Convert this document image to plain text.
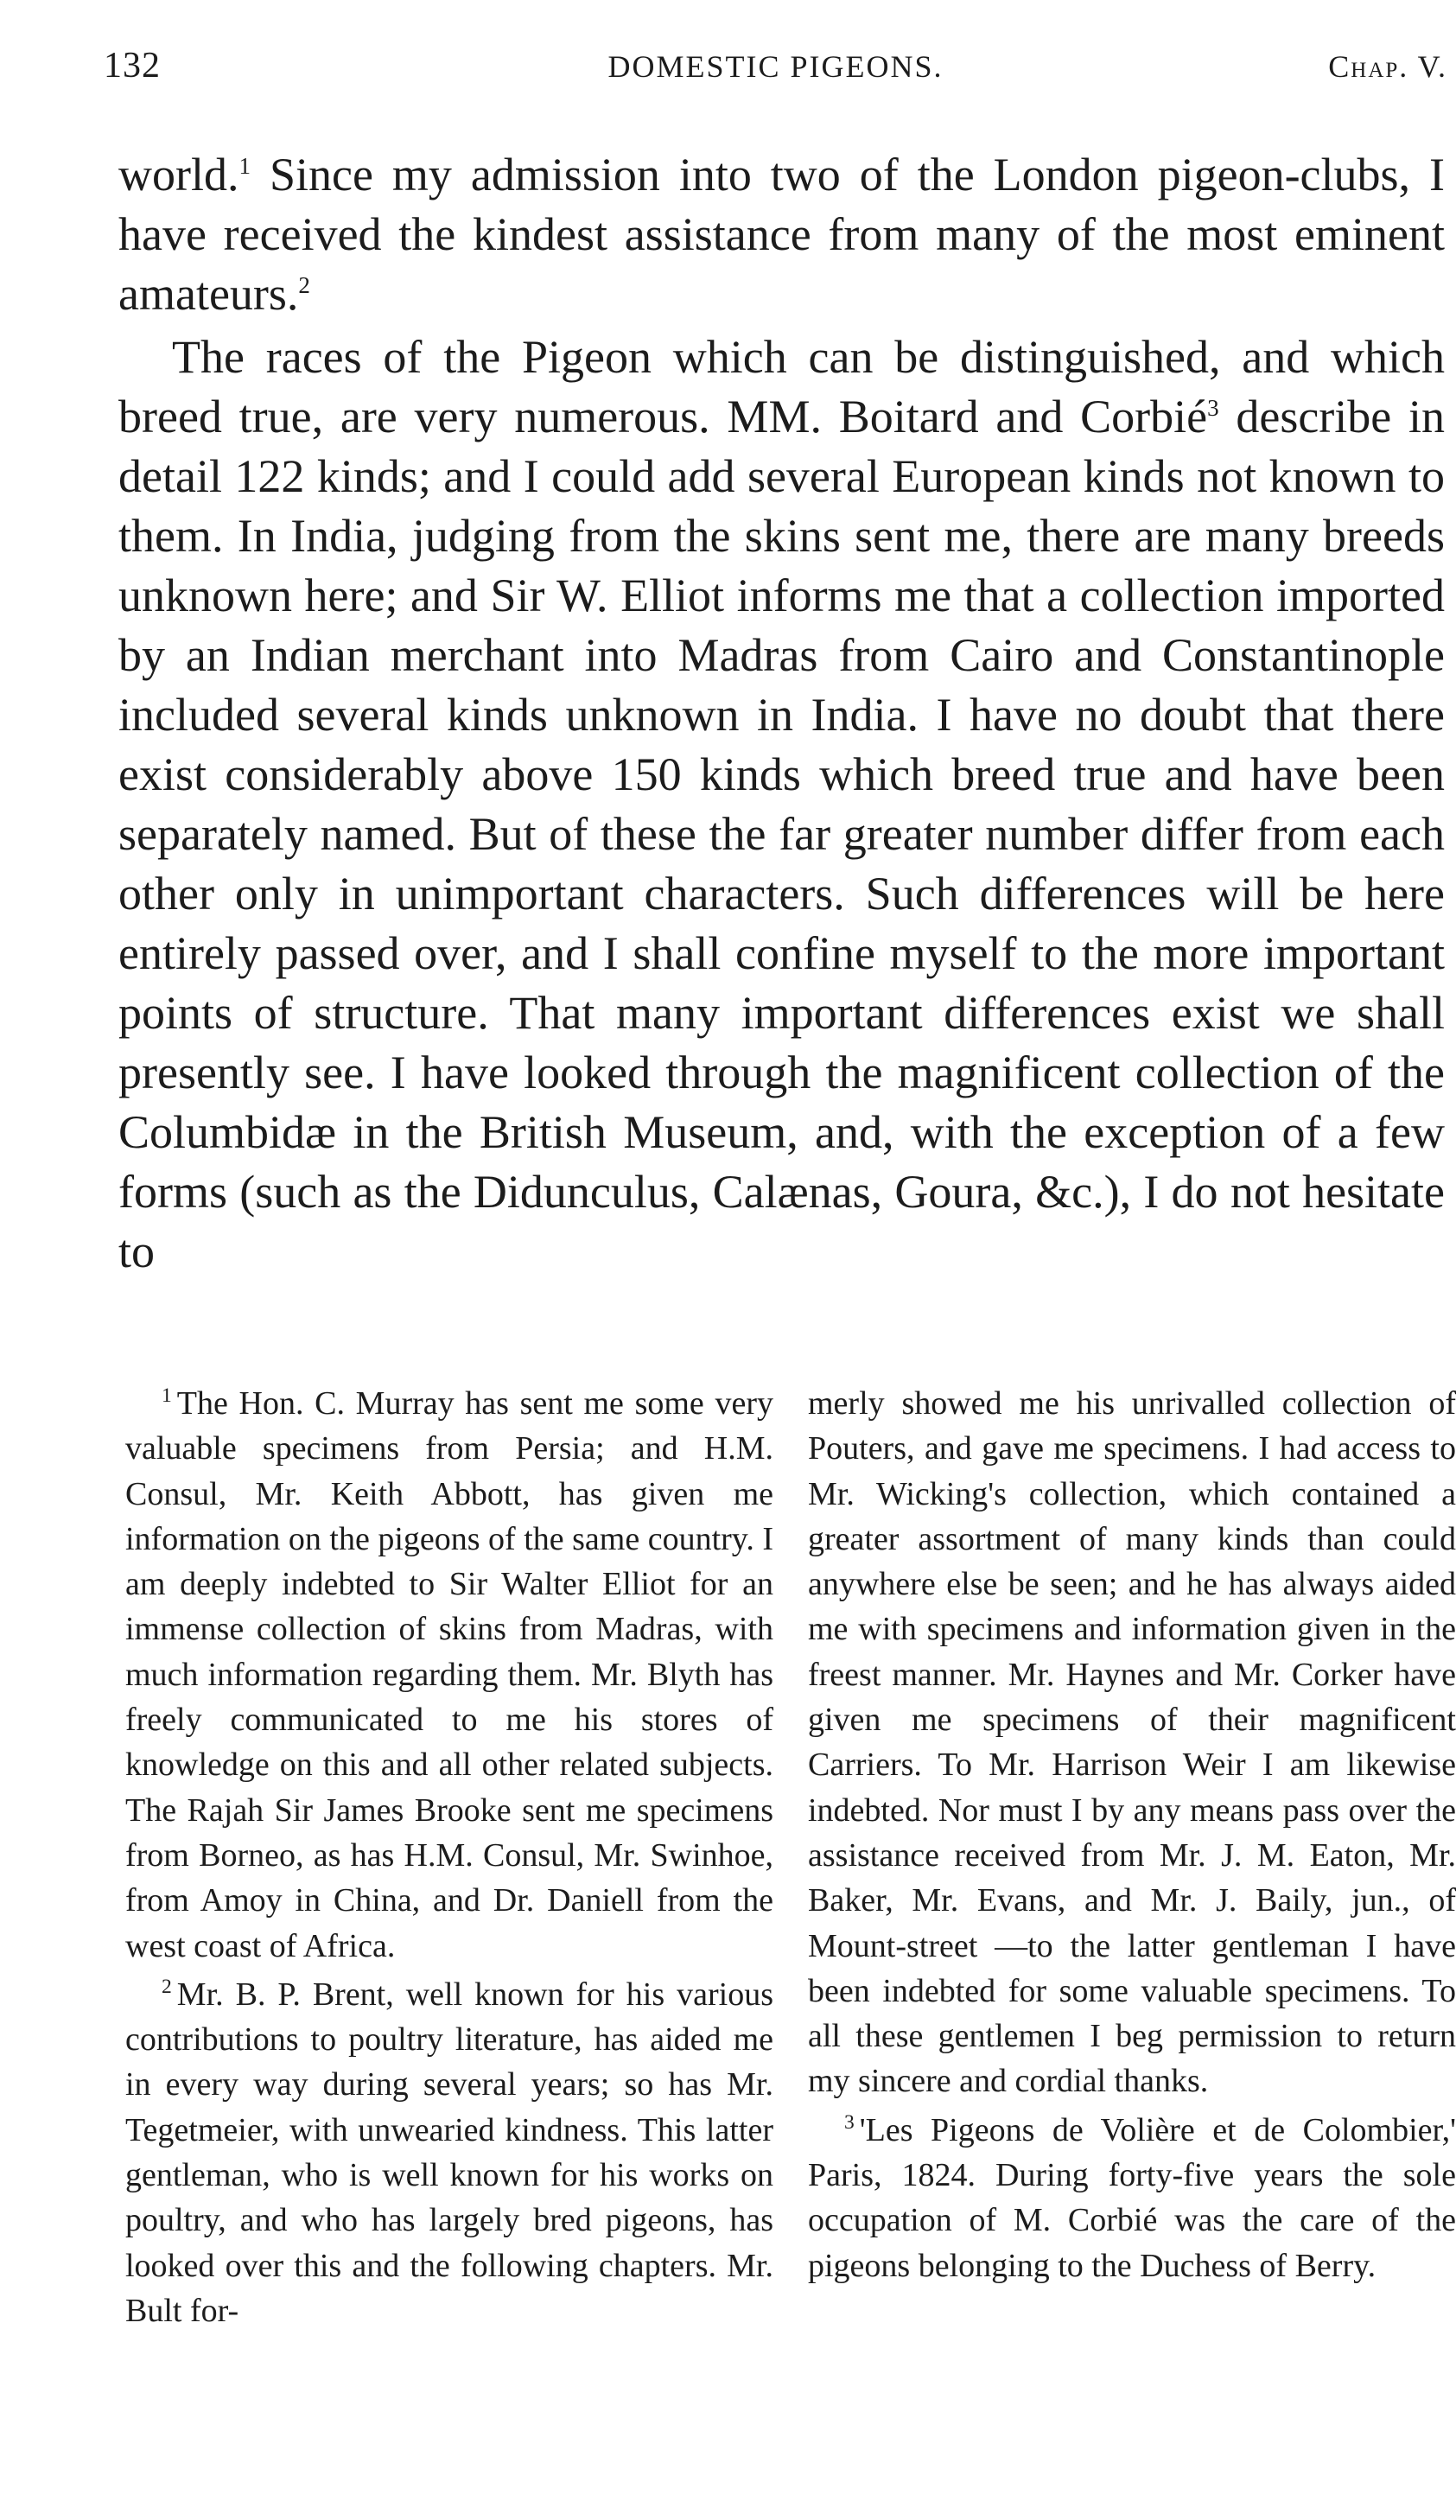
132	DOMESTIC PIGEONS.	Chap. V.

world.$^1$ Since my admission into two of the London pigeon-clubs, I have received the kindest assistance from many of the most eminent amateurs.$^2$

The races of the Pigeon which can be distinguished, and which breed true, are very numerous. MM. Boitard and Corbié$^3$ describe in detail 122 kinds; and I could add several European kinds not known to them. In India, judging from the skins sent me, there are many breeds unknown here; and Sir W. Elliot informs me that a collection imported by an Indian merchant into Madras from Cairo and Constantinople included several kinds unknown in India. I have no doubt that there exist considerably above 150 kinds which breed true and have been separately named. But of these the far greater number differ from each other only in unimportant characters. Such differences will be here entirely passed over, and I shall confine myself to the more important points of structure. That many important differences exist we shall presently see. I have looked through the magnificent collection of the Columbidæ in the British Museum, and, with the exception of a few forms (such as the Didunculus, Calænas, Goura, &c.), I do not hesitate to

$^1$ The Hon. C. Murray has sent me some very valuable specimens from Persia; and H.M. Consul, Mr. Keith Abbott, has given me information on the pigeons of the same country. I am deeply indebted to Sir Walter Elliot for an immense collection of skins from Madras, with much information regarding them. Mr. Blyth has freely communicated to me his stores of knowledge on this and all other related subjects. The Rajah Sir James Brooke sent me specimens from Borneo, as has H.M. Consul, Mr. Swinhoe, from Amoy in China, and Dr. Daniell from the west coast of Africa.

$^2$ Mr. B. P. Brent, well known for his various contributions to poultry literature, has aided me in every way during several years; so has Mr. Tegetmeier, with unwearied kindness. This latter gentleman, who is well known for his works on poultry, and who has largely bred pigeons, has looked over this and the following chapters. Mr. Bult for-

merly showed me his unrivalled collection of Pouters, and gave me specimens. I had access to Mr. Wicking's collection, which contained a greater assortment of many kinds than could anywhere else be seen; and he has always aided me with specimens and information given in the freest manner. Mr. Haynes and Mr. Corker have given me specimens of their magnificent Carriers. To Mr. Harrison Weir I am likewise indebted. Nor must I by any means pass over the assistance received from Mr. J. M. Eaton, Mr. Baker, Mr. Evans, and Mr. J. Baily, jun., of Mount-street —to the latter gentleman I have been indebted for some valuable specimens. To all these gentlemen I beg permission to return my sincere and cordial thanks.

$^3$ 'Les Pigeons de Volière et de Colombier,' Paris, 1824. During forty-five years the sole occupation of M. Corbié was the care of the pigeons belonging to the Duchess of Berry.
